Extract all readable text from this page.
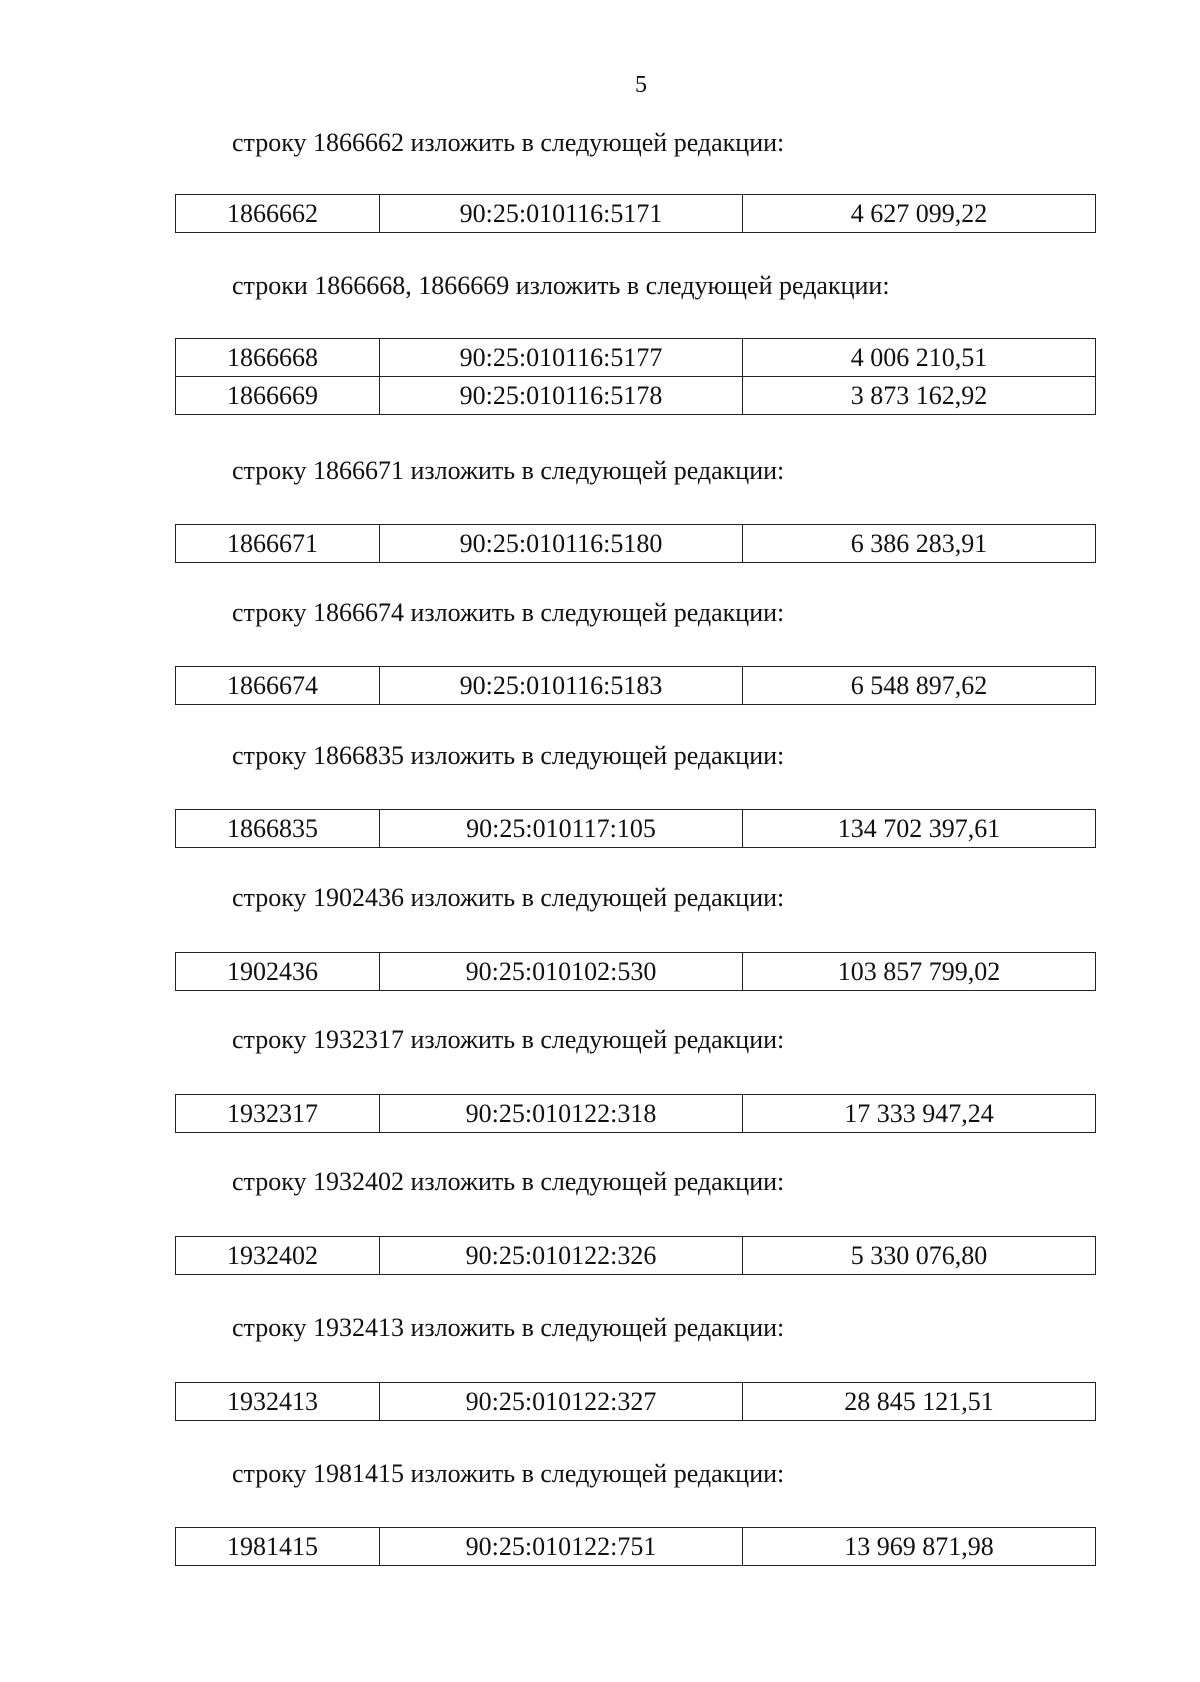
5
строку 1866662 изложить в следующей редакции:
1866662	90:25:010116:5171	4 627 099,22
строки 1866668, 1866669 изложить в следующей редакции:
1866668	90:25:010116:5177	4 006 210,51
1866669	90:25:010116:5178	3 873 162,92
строку 1866671 изложить в следующей редакции:
1866671	90:25:010116:5180	6 386 283,91
строку 1866674 изложить в следующей редакции:
1866674	90:25:010116:5183	6 548 897,62
строку 1866835 изложить в следующей редакции:
1866835	90:25:010117:105	134 702 397,61
строку 1902436 изложить в следующей редакции:
1902436	90:25:010102:530	103 857 799,02
строку 1932317 изложить в следующей редакции:
1932317	90:25:010122:318	17 333 947,24
строку 1932402 изложить в следующей редакции:
1932402	90:25:010122:326	5 330 076,80
строку 1932413 изложить в следующей редакции:
1932413	90:25:010122:327	28 845 121,51
строку 1981415 изложить в следующей редакции:
1981415	90:25:010122:751	13 969 871,98
